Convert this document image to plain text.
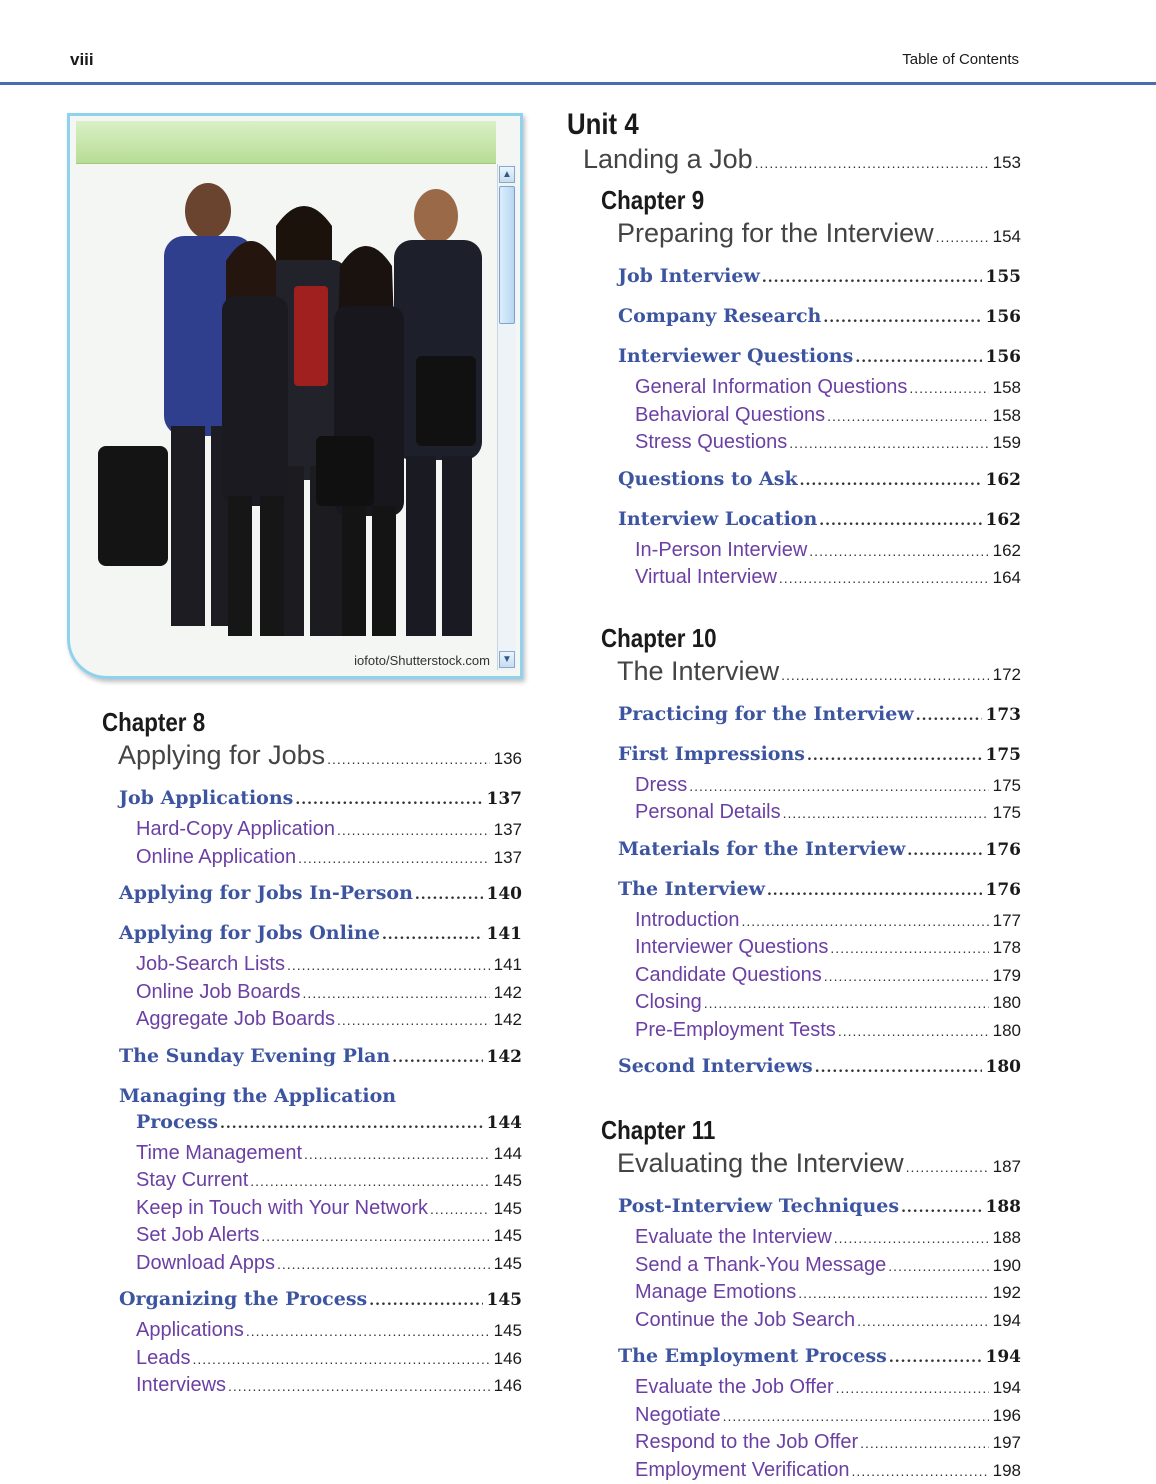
viii	Table of Contents
▲
▼
iofoto/Shutterstock.com
Chapter 8
Applying for Jobs .....	136
Job Applications .....	137
Hard-Copy Application .....	137
Online Application .....	137
Applying for Jobs In-Person .....	140
Applying for Jobs Online .....	141
Job-Search Lists .....	141
Online Job Boards .....	142
Aggregate Job Boards .....	142
The Sunday Evening Plan .....	142
Managing the Application
Process .....	144
Time Management .....	144
Stay Current .....	145
Keep in Touch with Your Network .....	145
Set Job Alerts .....	145
Download Apps .....	145
Organizing the Process .....	145
Applications .....	145
Leads .....	146
Interviews .....	146
Unit 4
Landing a Job .....	153
Chapter 9
Preparing for the Interview .....	154
Job Interview .....	155
Company Research .....	156
Interviewer Questions .....	156
General Information Questions .....	158
Behavioral Questions .....	158
Stress Questions .....	159
Questions to Ask .....	162
Interview Location .....	162
In-Person Interview .....	162
Virtual Interview .....	164
Chapter 10
The Interview .....	172
Practicing for the Interview .....	173
First Impressions .....	175
Dress .....	175
Personal Details .....	175
Materials for the Interview .....	176
The Interview .....	176
Introduction .....	177
Interviewer Questions .....	178
Candidate Questions .....	179
Closing .....	180
Pre-Employment Tests .....	180
Second Interviews .....	180
Chapter 11
Evaluating the Interview .....	187
Post-Interview Techniques .....	188
Evaluate the Interview .....	188
Send a Thank-You Message .....	190
Manage Emotions .....	192
Continue the Job Search .....	194
The Employment Process .....	194
Evaluate the Job Offer .....	194
Negotiate .....	196
Respond to the Job Offer .....	197
Employment Verification .....	198
